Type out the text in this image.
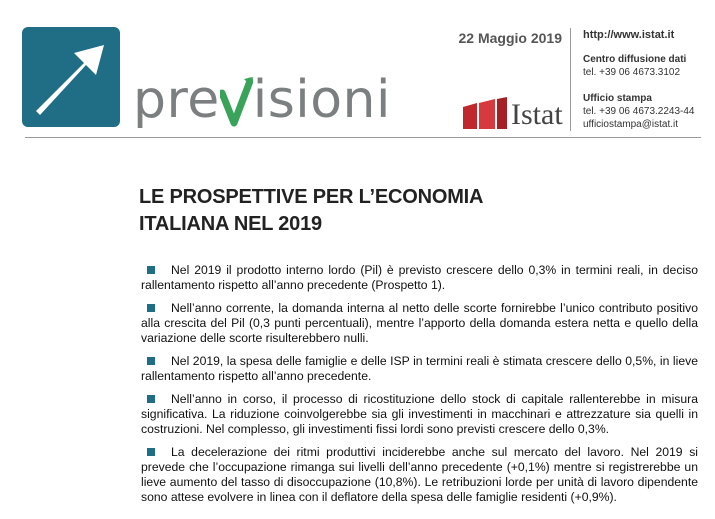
pre v isioni
22 Maggio 2019
Istat
http://www.istat.it
Centro diffusione dati
tel. +39 06 4673.3102
Ufficio stampa
tel. +39 06 4673.2243-44
ufficiostampa@istat.it
LE PROSPETTIVE PER L’ECONOMIA
ITALIANA NEL 2019
Nel 2019 il prodotto interno lordo (Pil) è previsto crescere dello 0,3% in termini reali, in deciso rallentamento rispetto all’anno precedente (Prospetto 1).
Nell’anno corrente, la domanda interna al netto delle scorte fornirebbe l’unico contributo positivo alla crescita del Pil (0,3 punti percentuali), mentre l’apporto della domanda estera netta e quello della variazione delle scorte risulterebbero nulli.
Nel 2019, la spesa delle famiglie e delle ISP in termini reali è stimata crescere dello 0,5%, in lieve rallentamento rispetto all’anno precedente.
Nell’anno in corso, il processo di ricostituzione dello stock di capitale rallenterebbe in misura significativa. La riduzione coinvolgerebbe sia gli investimenti in macchinari e attrezzature sia quelli in costruzioni. Nel complesso, gli investimenti fissi lordi sono previsti crescere dello 0,3%.
La decelerazione dei ritmi produttivi inciderebbe anche sul mercato del lavoro. Nel 2019 si prevede che l’occupazione rimanga sui livelli dell’anno precedente (+0,1%) mentre si registrerebbe un lieve aumento del tasso di disoccupazione (10,8%). Le retribuzioni lorde per unità di lavoro dipendente sono attese evolvere in linea con il deflatore della spesa delle famiglie residenti (+0,9%).
